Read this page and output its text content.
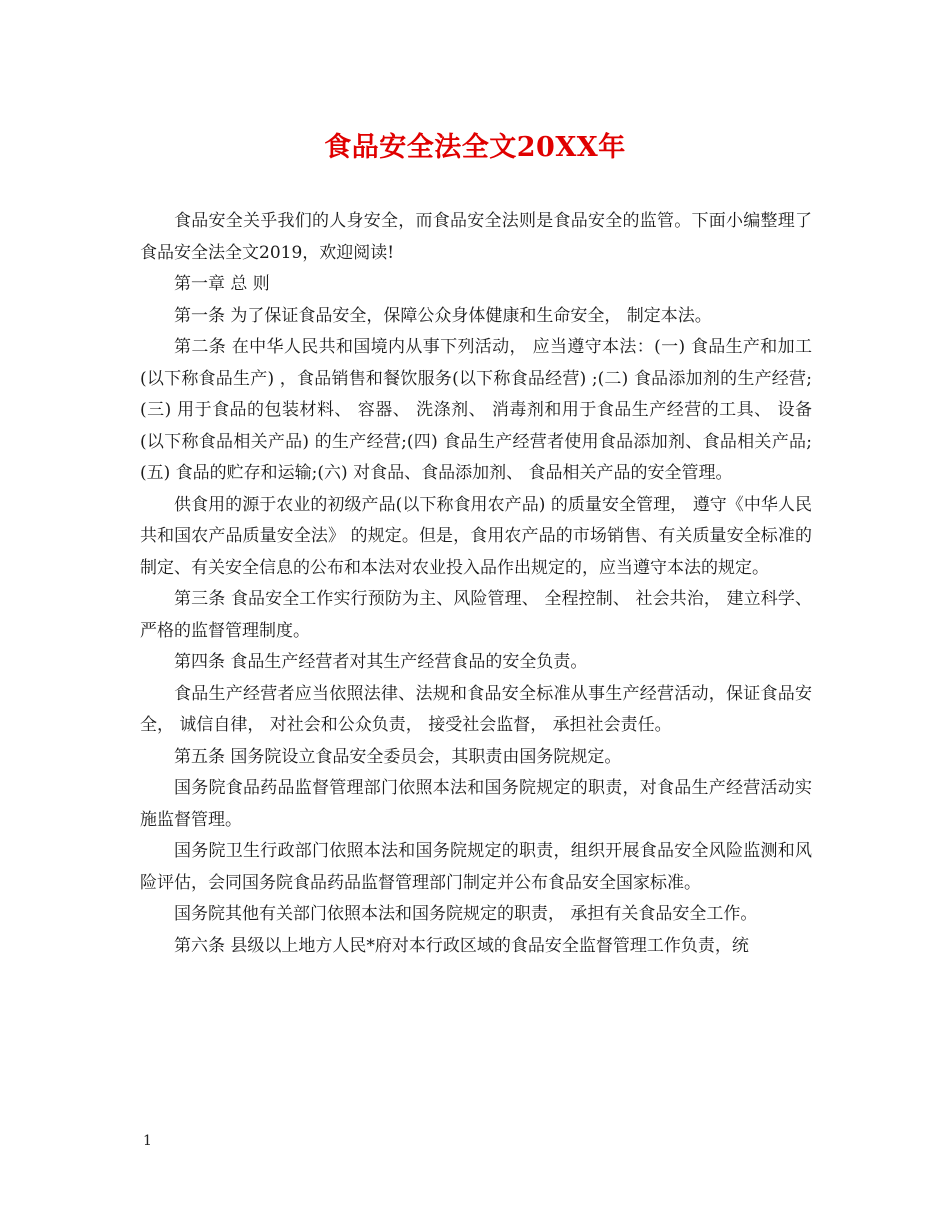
食品安全法全文20XX年

食品安全关乎我们的人身安全，而食品安全法则是食品安全的监管。下面小编整理了食品安全法全文2019，欢迎阅读!

第一章 总 则

第一条 为了保证食品安全，保障公众身体健康和生命安全， 制定本法。

第二条 在中华人民共和国境内从事下列活动， 应当遵守本法：(一) 食品生产和加工 (以下称食品生产) ，食品销售和餐饮服务(以下称食品经营) ;(二) 食品添加剂的生产经营;(三) 用于食品的包装材料、 容器、 洗涤剂、 消毒剂和用于食品生产经营的工具、 设备(以下称食品相关产品) 的生产经营;(四) 食品生产经营者使用食品添加剂、食品相关产品;(五) 食品的贮存和运输;(六) 对食品、食品添加剂、 食品相关产品的安全管理。

供食用的源于农业的初级产品(以下称食用农产品) 的质量安全管理， 遵守《中华人民共和国农产品质量安全法》 的规定。但是，食用农产品的市场销售、有关质量安全标准的制定、有关安全信息的公布和本法对农业投入品作出规定的，应当遵守本法的规定。

第三条 食品安全工作实行预防为主、风险管理、 全程控制、 社会共治， 建立科学、 严格的监督管理制度。

第四条 食品生产经营者对其生产经营食品的安全负责。

食品生产经营者应当依照法律、法规和食品安全标准从事生产经营活动，保证食品安全， 诚信自律， 对社会和公众负责， 接受社会监督， 承担社会责任。

第五条 国务院设立食品安全委员会，其职责由国务院规定。

国务院食品药品监督管理部门依照本法和国务院规定的职责，对食品生产经营活动实施监督管理。

国务院卫生行政部门依照本法和国务院规定的职责，组织开展食品安全风险监测和风险评估，会同国务院食品药品监督管理部门制定并公布食品安全国家标准。

国务院其他有关部门依照本法和国务院规定的职责， 承担有关食品安全工作。

第六条 县级以上地方人民*府对本行政区域的食品安全监督管理工作负责，统

1
